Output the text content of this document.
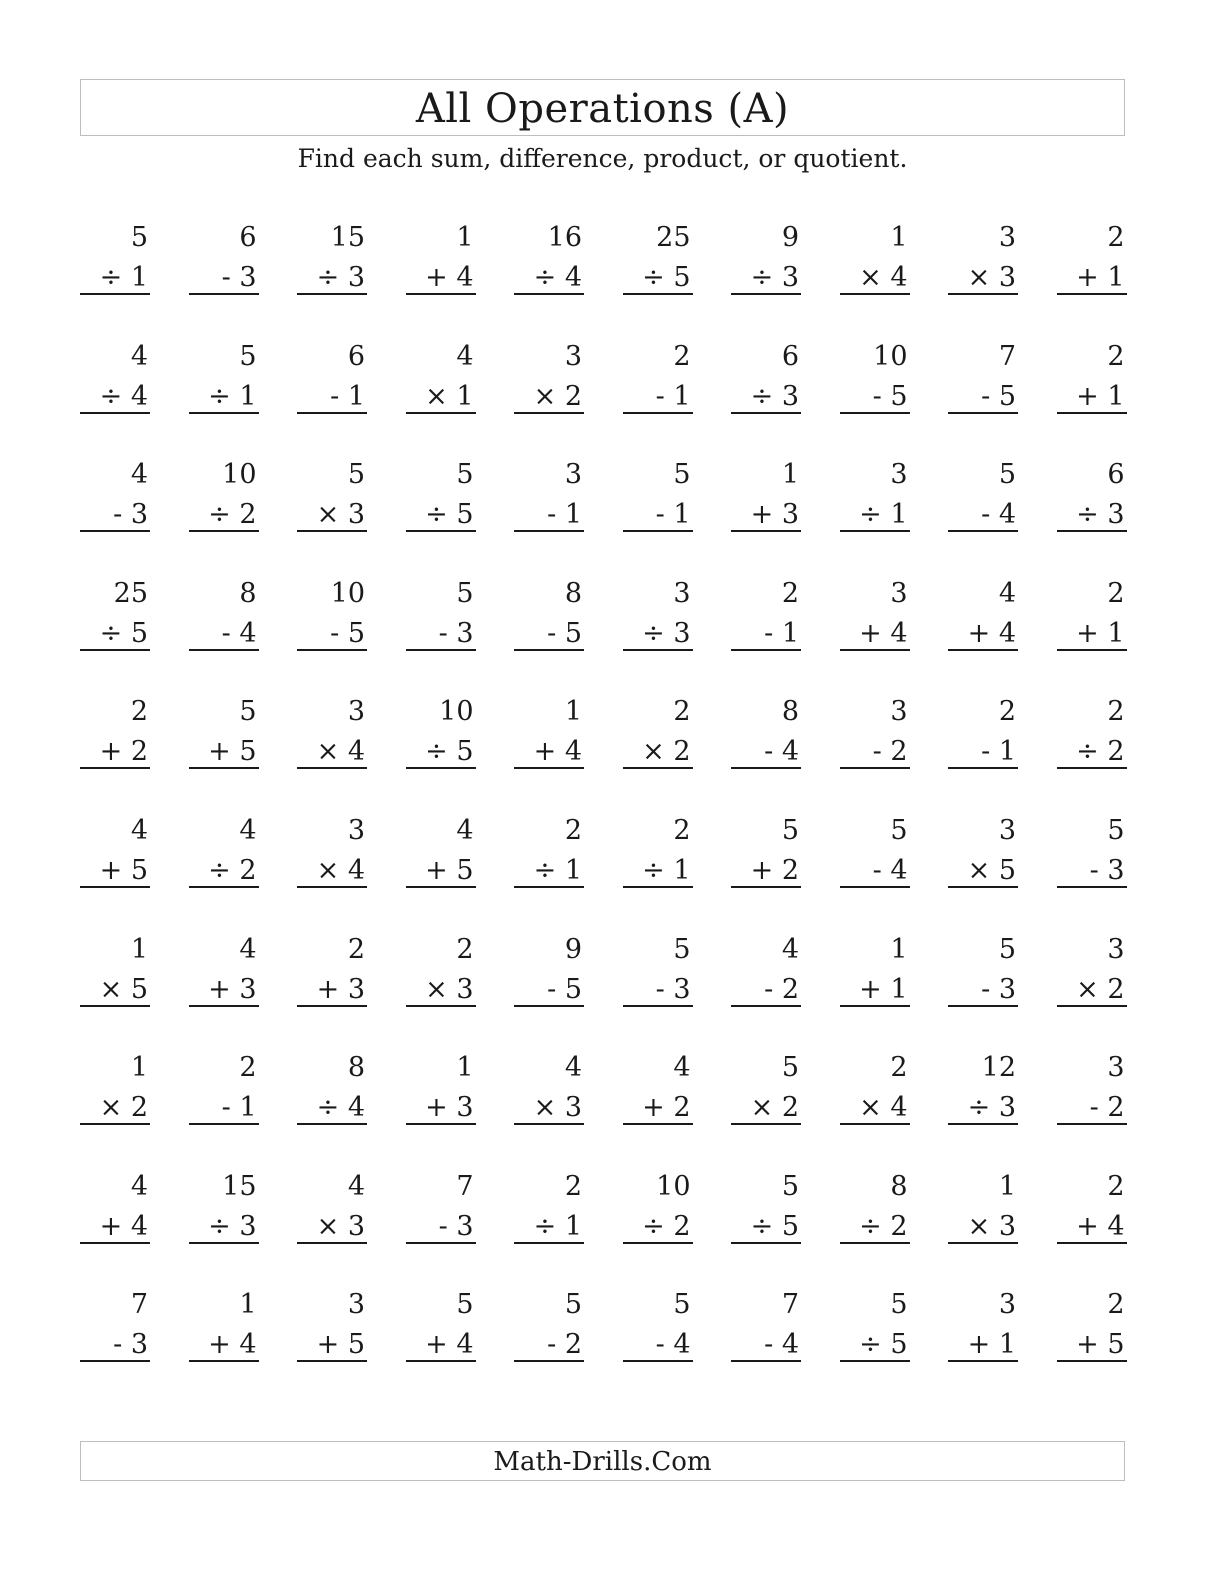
All Operations (A)
Find each sum, difference, product, or quotient.
5
÷ 1
6
- 3
15
÷ 3
1
+ 4
16
÷ 4
25
÷ 5
9
÷ 3
1
× 4
3
× 3
2
+ 1
4
÷ 4
5
÷ 1
6
- 1
4
× 1
3
× 2
2
- 1
6
÷ 3
10
- 5
7
- 5
2
+ 1
4
- 3
10
÷ 2
5
× 3
5
÷ 5
3
- 1
5
- 1
1
+ 3
3
÷ 1
5
- 4
6
÷ 3
25
÷ 5
8
- 4
10
- 5
5
- 3
8
- 5
3
÷ 3
2
- 1
3
+ 4
4
+ 4
2
+ 1
2
+ 2
5
+ 5
3
× 4
10
÷ 5
1
+ 4
2
× 2
8
- 4
3
- 2
2
- 1
2
÷ 2
4
+ 5
4
÷ 2
3
× 4
4
+ 5
2
÷ 1
2
÷ 1
5
+ 2
5
- 4
3
× 5
5
- 3
1
× 5
4
+ 3
2
+ 3
2
× 3
9
- 5
5
- 3
4
- 2
1
+ 1
5
- 3
3
× 2
1
× 2
2
- 1
8
÷ 4
1
+ 3
4
× 3
4
+ 2
5
× 2
2
× 4
12
÷ 3
3
- 2
4
+ 4
15
÷ 3
4
× 3
7
- 3
2
÷ 1
10
÷ 2
5
÷ 5
8
÷ 2
1
× 3
2
+ 4
7
- 3
1
+ 4
3
+ 5
5
+ 4
5
- 2
5
- 4
7
- 4
5
÷ 5
3
+ 1
2
+ 5
Math-Drills.Com
